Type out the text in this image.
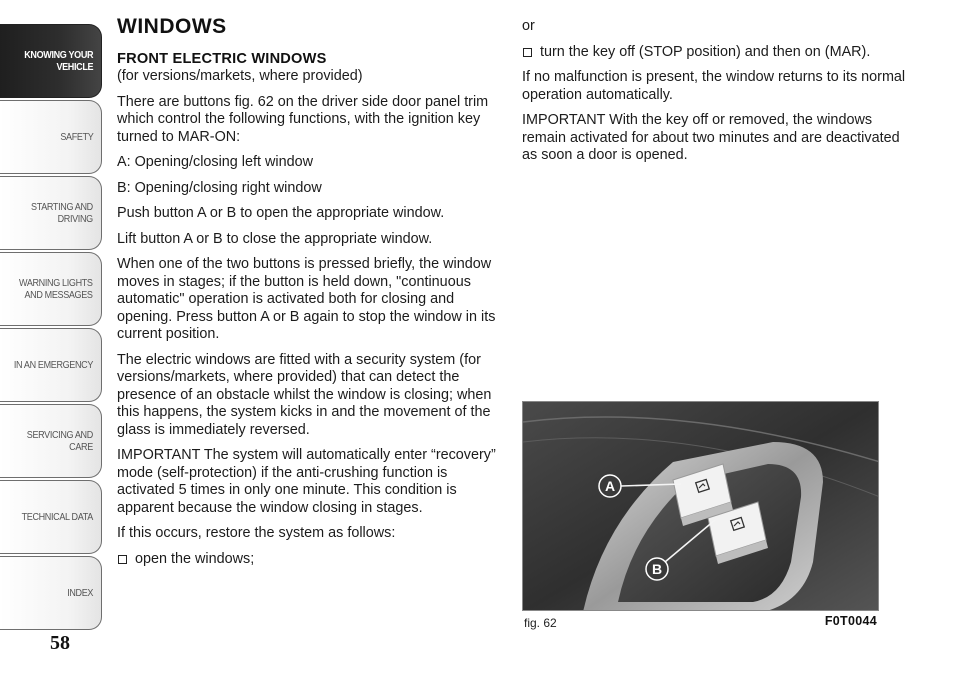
KNOWING YOUR
VEHICLE
SAFETY
STARTING AND
DRIVING
WARNING LIGHTS
AND MESSAGES
IN AN EMERGENCY
SERVICING AND
CARE
TECHNICAL DATA
INDEX
58
WINDOWS
FRONT ELECTRIC WINDOWS
(for versions/markets, where provided)

There are buttons fig. 62 on the driver side door panel trim which control the following functions, with the ignition key turned to MAR-ON:

A: Opening/closing left window

B: Opening/closing right window

Push button A or B to open the appropriate window.

Lift button A or B to close the appropriate window.

When one of the two buttons is pressed briefly, the window moves in stages; if the button is held down, "continuous automatic" operation is activated both for closing and opening. Press button A or B again to stop the window in its current position.

The electric windows are fitted with a security system (for versions/markets, where provided) that can detect the presence of an obstacle whilst the window is closing; when this happens, the system kicks in and the movement of the glass is immediately reversed.

IMPORTANT The system will automatically enter “recovery” mode (self-protection) if the anti-crushing function is activated 5 times in only one minute. This condition is apparent because the window closing in stages.

If this occurs, restore the system as follows:

open the windows;

or

turn the key off (STOP position) and then on (MAR).

If no malfunction is present, the window returns to its normal operation automatically.

IMPORTANT With the key off or removed, the windows remain activated for about two minutes and are deactivated as soon a door is opened.

A
B
fig. 62	F0T0044
